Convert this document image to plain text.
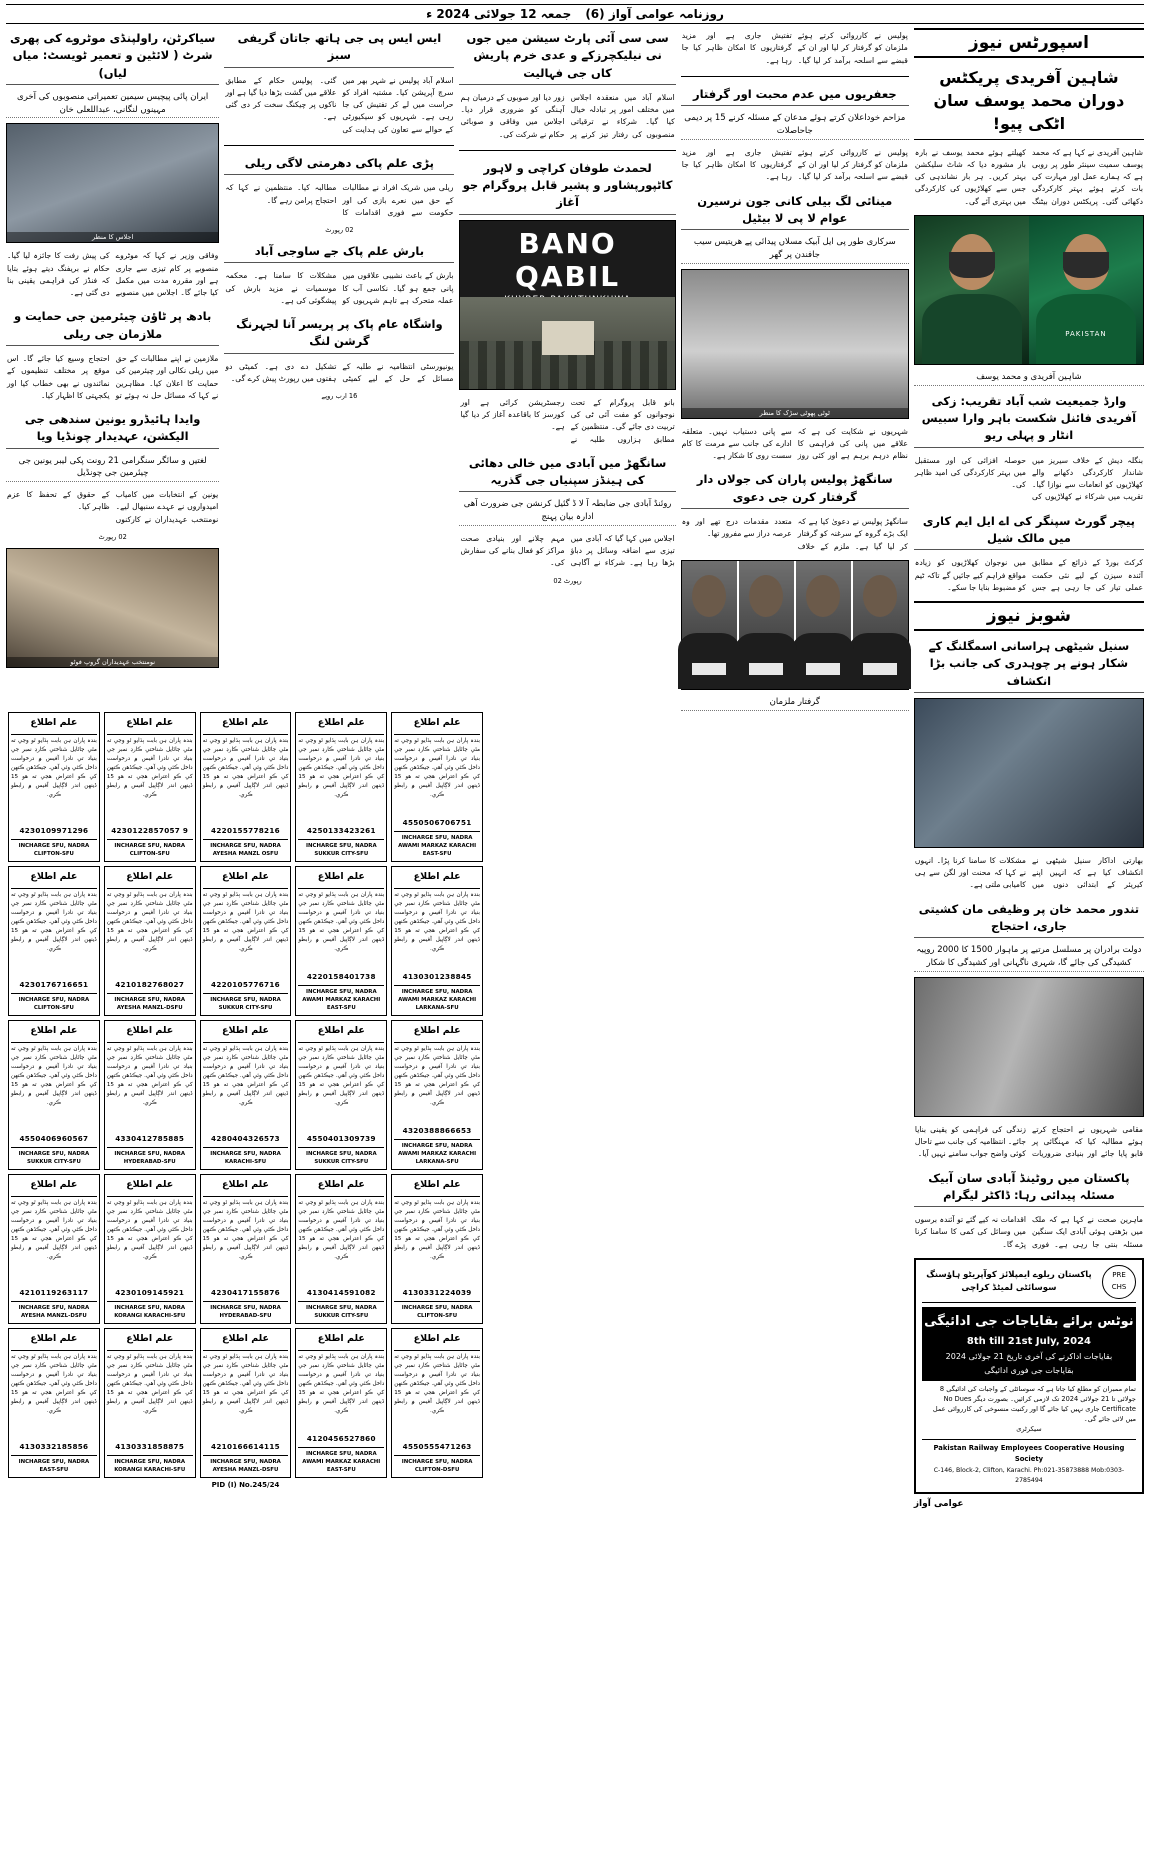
روزنامہ عوامی آواز (6)
جمعہ 12 جولائی 2024 ء
اسپورٹس نیوز
شاہین آفریدی پریکٹس دوران محمد یوسف سان اٹکی پیو!
شاہین آفریدی نے کہا ہے کہ محمد یوسف سمیت سینئر طور پر روبی ہے کہ ہمارے عمل اور مہارت کی بات کرتے ہوئے بہتر کارکردگی دکھائی گئی۔ پریکٹس دوران بیٹنگ کھیلتے ہوئے محمد یوسف نے بارہ بار مشورہ دیا کہ شاٹ سلیکشن بہتر کریں۔ ہر بار نشاندہی کی جس سے کھلاڑیوں کی کارکردگی میں بہتری آئے گی۔
PAKISTAN
شاہین آفریدی و محمد یوسف
وارڈ جمیعیت شب آباد تقریب: زکی آفریدی فائنل شکست باہر وارا سبیس انٹار و پہلی ریو
بنگلہ دیش کے خلاف سیریز میں شاندار کارکردگی دکھانے والے کھلاڑیوں کو انعامات سے نوازا گیا۔ تقریب میں شرکاء نے کھلاڑیوں کی حوصلہ افزائی کی اور مستقبل میں بہتر کارکردگی کی امید ظاہر کی۔
پیچر گورٹ سپنگر کی اے ایل ایم کاری میں مالک شیل
کرکٹ بورڈ کے ذرائع کے مطابق آئندہ سیزن کے لیے نئی حکمت عملی تیار کی جا رہی ہے جس میں نوجوان کھلاڑیوں کو زیادہ مواقع فراہم کیے جائیں گے تاکہ ٹیم کو مضبوط بنایا جا سکے۔
شوبز نیوز
سنیل شیٹھی ہراسانی اسمگلنگ کے شکار ہونے پر چوہدری کی جانب بڑا انکشاف
بھارتی اداکار سنیل شیٹھی نے انکشاف کیا ہے کہ انہیں اپنے کیریئر کے ابتدائی دنوں میں مشکلات کا سامنا کرنا پڑا۔ انہوں نے کہا کہ محنت اور لگن سے ہی کامیابی ملتی ہے۔
تندور محمد خان پر وظیفی مان کشیتی جاری، احتجاج
دولت برادران پر مسلسل مرتبے پر ماہوار 1500 کا 2000 روپیہ کشیدگی کی جائے گا، شہری ناگہانی اور کشیدگی کا شکار
مقامی شہریوں نے احتجاج کرتے ہوئے مطالبہ کیا کہ مہنگائی پر قابو پایا جائے اور بنیادی ضروریات زندگی کی فراہمی کو یقینی بنایا جائے۔ انتظامیہ کی جانب سے تاحال کوئی واضح جواب سامنے نہیں آیا۔
پاکستان میں روٹینڈ آبادی سان آبیک مسئلہ پیدائی رہا: ڈاکٹر لیگرام
ماہرین صحت نے کہا ہے کہ ملک میں بڑھتی ہوئی آبادی ایک سنگین مسئلہ بنتی جا رہی ہے۔ فوری اقدامات نہ کیے گئے تو آئندہ برسوں میں وسائل کی کمی کا سامنا کرنا پڑے گا۔
PRE
CHS
پاکستان ریلوے ایمپلائز کوآپریٹو ہاؤسنگ سوسائٹی لمیٹڈ کراچی
نوٹس برائے بقایاجات جی ادائیگی
8th till 21st July, 2024
بقایاجات اداکرنے کی آخری تاریخ 21 جولائی 2024
بقایاجات جی فوری ادائیگی
تمام ممبران کو مطلع کیا جاتا ہے کہ سوسائٹی کے واجبات کی ادائیگی 8 جولائی تا 21 جولائی 2024 تک لازمی کرائیں۔ بصورت دیگر No Dues Certificate جاری نہیں کیا جائے گا اور رکنیت منسوخی کی کارروائی عمل میں لائی جائے گی۔
سیکرٹری
Pakistan Railway Employees Cooperative Housing Society
C-146, Block-2, Clifton, Karachi. Ph:021-35873888 Mob:0303-2785494
عوامی آواز
پولیس نے کارروائی کرتے ہوئے ملزمان کو گرفتار کر لیا اور ان کے قبضے سے اسلحہ برآمد کر لیا گیا۔ تفتیش جاری ہے اور مزید گرفتاریوں کا امکان ظاہر کیا جا رہا ہے۔
جعفریوں میں عدم محبت اور گرفتار
مزاحم خوداعلان کرتے ہوئے مدعان کے مسئلہ کرنے 15 پر دیمی جاحاصلات
پولیس نے کارروائی کرتے ہوئے ملزمان کو گرفتار کر لیا اور ان کے قبضے سے اسلحہ برآمد کر لیا گیا۔ تفتیش جاری ہے اور مزید گرفتاریوں کا امکان ظاہر کیا جا رہا ہے۔
مینائی لگ بیلی کانی جون نرسیرن عوام لا پی لا بیٹیل
سرکاری طور پی ایل آبیک مسلاں پیدائی پے ھریتیس سیب جافندن پر گھر
ٹوٹی پھوٹی سڑک کا منظر
شہریوں نے شکایت کی ہے کہ علاقے میں پانی کی فراہمی کا نظام درہم برہم ہے اور کئی روز سے پانی دستیاب نہیں۔ متعلقہ ادارے کی جانب سے مرمت کا کام سست روی کا شکار ہے۔
سانگھڑ پولیس پاران کی جولاں دار گرفتار کرن جی دعوی
سانگھڑ پولیس نے دعویٰ کیا ہے کہ ایک بڑے گروہ کے سرغنہ کو گرفتار کر لیا گیا ہے۔ ملزم کے خلاف متعدد مقدمات درج تھے اور وہ عرصہ دراز سے مفرور تھا۔
گرفتار ملزمان
سی سی آئی پارٹ سیشن میں جوں نی نیلیکچرزکے و عدی خرم پاریش کاں جی فہالیت
اسلام آباد میں منعقدہ اجلاس میں مختلف امور پر تبادلہ خیال کیا گیا۔ شرکاء نے ترقیاتی منصوبوں کی رفتار تیز کرنے پر زور دیا اور صوبوں کے درمیان ہم آہنگی کو ضروری قرار دیا۔ اجلاس میں وفاقی و صوبائی حکام نے شرکت کی۔
لحمدث طوفان کراچی و لاہور کاٹپورپشاور و پشیر قابل پروگرام جو آغاز
BANO QABIL
بانو قابل پروگرام کے تحت نوجوانوں کو مفت آئی ٹی کی تربیت دی جائے گی۔ منتظمین کے مطابق ہزاروں طلبہ نے رجسٹریشن کرائی ہے اور کورسز کا باقاعدہ آغاز کر دیا گیا ہے۔
سانگھڑ میں آبادی میں خالی دھائی کی ہینڈز سپنیاں جی گذریہ
روئنڈ آبادی جی ضابطہ آ لا ڈ گئیل کرنشن جی ضرورت آھی ادارہ بیان پہنج
اجلاس میں کہا گیا کہ آبادی میں تیزی سے اضافہ وسائل پر دباؤ بڑھا رہا ہے۔ شرکاء نے آگاہی مہم چلانے اور بنیادی صحت مراکز کو فعال بنانے کی سفارش کی۔
رپورٹ 02
ایس ایس پی جی ہاتھ جاتان گریفی سبز
اسلام آباد پولیس نے شہر بھر میں سرچ آپریشن کیا۔ مشتبہ افراد کو حراست میں لے کر تفتیش کی جا رہی ہے۔ شہریوں کو سیکیورٹی کے حوالے سے تعاون کی ہدایت کی گئی۔ پولیس حکام کے مطابق علاقے میں گشت بڑھا دیا گیا ہے اور ناکوں پر چیکنگ سخت کر دی گئی ہے۔
پڑی علم پاکی دھرمتی لاگی ریلی
ریلی میں شریک افراد نے مطالبات کے حق میں نعرے بازی کی اور حکومت سے فوری اقدامات کا مطالبہ کیا۔ منتظمین نے کہا کہ احتجاج پرامن رہے گا۔
02 رپورٹ
بارش علم پاک جے ساوجی آباد
بارش کے باعث نشیبی علاقوں میں پانی جمع ہو گیا۔ نکاسی آب کا عملہ متحرک ہے تاہم شہریوں کو مشکلات کا سامنا ہے۔ محکمہ موسمیات نے مزید بارش کی پیشگوئی کی ہے۔
واشگاہ عام پاک پر پریسر آنا لجہرنگ گرشن لنگ
یونیورسٹی انتظامیہ نے طلبہ کے مسائل کے حل کے لیے کمیٹی تشکیل دے دی ہے۔ کمیٹی دو ہفتوں میں رپورٹ پیش کرے گی۔
16 ارب روپے
سیاکرٹن، راولپنڈی موٹروے کی پھری شرٹ ( لائٹین و تعمیر ٹویسٹ: میاں لیاں)
ایران پائی پیچیس سیمین تعمیراتی منصوبوں کی آخری مہینوں لنگانی، عبداللعلی خان
اجلاس کا منظر
وفاقی وزیر نے کہا کہ موٹروے منصوبے پر کام تیزی سے جاری ہے اور مقررہ مدت میں مکمل کیا جائے گا۔ اجلاس میں منصوبے کی پیش رفت کا جائزہ لیا گیا۔ حکام نے بریفنگ دیتے ہوئے بتایا کہ فنڈز کی فراہمی یقینی بنا دی گئی ہے۔
بادھ پر ٹاؤن چیئرمین جی حمایت و ملازمان جی ریلی
ملازمین نے اپنے مطالبات کے حق میں ریلی نکالی اور چیئرمین کی حمایت کا اعلان کیا۔ مظاہرین نے کہا کہ مسائل حل نہ ہوئے تو احتجاج وسیع کیا جائے گا۔ اس موقع پر مختلف تنظیموں کے نمائندوں نے بھی خطاب کیا اور یکجہتی کا اظہار کیا۔
وایدا ہائیڈرو یونین سندھی جی الیکشن، عہدیدار چونڈیا ویا
لغتیں و سائگر سنگرامی 21 رونت پکی لیبر یونین جی چیئرمین جی چونڈیل
یونین کے انتخابات میں کامیاب امیدواروں نے عہدے سنبھال لیے۔ نومنتخب عہدیداران نے کارکنوں کے حقوق کے تحفظ کا عزم ظاہر کیا۔
02 رپورٹ
نومنتخب عہدیداران گروپ فوٹو
علم اطلاع
بندہ پاران ہن بابت ٻڌایو ٿو وڃي ته مٿي ڄاڻايل شناختي ڪارڊ نمبر جي بنياد تي نادرا آفيس ۾ درخواست داخل ڪئي وئي آهي. جيڪڏهن ڪنهن کي ڪو اعتراض هجي ته هو 15 ڏينهن اندر لاڳاپيل آفيس ۾ رابطو ڪري.
4550506706751
INCHARGE SFU, NADRA AWAMI MARKAZ KARACHI EAST-SFU
علم اطلاع
بندہ پاران ہن بابت ٻڌایو ٿو وڃي ته مٿي ڄاڻايل شناختي ڪارڊ نمبر جي بنياد تي نادرا آفيس ۾ درخواست داخل ڪئي وئي آهي. جيڪڏهن ڪنهن کي ڪو اعتراض هجي ته هو 15 ڏينهن اندر لاڳاپيل آفيس ۾ رابطو ڪري.
4250133423261
INCHARGE SFU, NADRA SUKKUR CITY-SFU
علم اطلاع
بندہ پاران ہن بابت ٻڌایو ٿو وڃي ته مٿي ڄاڻايل شناختي ڪارڊ نمبر جي بنياد تي نادرا آفيس ۾ درخواست داخل ڪئي وئي آهي. جيڪڏهن ڪنهن کي ڪو اعتراض هجي ته هو 15 ڏينهن اندر لاڳاپيل آفيس ۾ رابطو ڪري.
4220155778216
INCHARGE SFU, NADRA AYESHA MANZL OSFU
علم اطلاع
بندہ پاران ہن بابت ٻڌایو ٿو وڃي ته مٿي ڄاڻايل شناختي ڪارڊ نمبر جي بنياد تي نادرا آفيس ۾ درخواست داخل ڪئي وئي آهي. جيڪڏهن ڪنهن کي ڪو اعتراض هجي ته هو 15 ڏينهن اندر لاڳاپيل آفيس ۾ رابطو ڪري.
4230122857057 9
INCHARGE SFU, NADRA CLIFTON-SFU
علم اطلاع
بندہ پاران ہن بابت ٻڌایو ٿو وڃي ته مٿي ڄاڻايل شناختي ڪارڊ نمبر جي بنياد تي نادرا آفيس ۾ درخواست داخل ڪئي وئي آهي. جيڪڏهن ڪنهن کي ڪو اعتراض هجي ته هو 15 ڏينهن اندر لاڳاپيل آفيس ۾ رابطو ڪري.
4230109971296
INCHARGE SFU, NADRA CLIFTON-SFU
علم اطلاع
بندہ پاران ہن بابت ٻڌایو ٿو وڃي ته مٿي ڄاڻايل شناختي ڪارڊ نمبر جي بنياد تي نادرا آفيس ۾ درخواست داخل ڪئي وئي آهي. جيڪڏهن ڪنهن کي ڪو اعتراض هجي ته هو 15 ڏينهن اندر لاڳاپيل آفيس ۾ رابطو ڪري.
4130301238845
INCHARGE SFU, NADRA AWAMI MARKAZ KARACHI LARKANA-SFU
علم اطلاع
بندہ پاران ہن بابت ٻڌایو ٿو وڃي ته مٿي ڄاڻايل شناختي ڪارڊ نمبر جي بنياد تي نادرا آفيس ۾ درخواست داخل ڪئي وئي آهي. جيڪڏهن ڪنهن کي ڪو اعتراض هجي ته هو 15 ڏينهن اندر لاڳاپيل آفيس ۾ رابطو ڪري.
4220158401738
INCHARGE SFU, NADRA AWAMI MARKAZ KARACHI EAST-SFU
علم اطلاع
بندہ پاران ہن بابت ٻڌایو ٿو وڃي ته مٿي ڄاڻايل شناختي ڪارڊ نمبر جي بنياد تي نادرا آفيس ۾ درخواست داخل ڪئي وئي آهي. جيڪڏهن ڪنهن کي ڪو اعتراض هجي ته هو 15 ڏينهن اندر لاڳاپيل آفيس ۾ رابطو ڪري.
4220105776716
INCHARGE SFU, NADRA SUKKUR CITY-SFU
علم اطلاع
بندہ پاران ہن بابت ٻڌایو ٿو وڃي ته مٿي ڄاڻايل شناختي ڪارڊ نمبر جي بنياد تي نادرا آفيس ۾ درخواست داخل ڪئي وئي آهي. جيڪڏهن ڪنهن کي ڪو اعتراض هجي ته هو 15 ڏينهن اندر لاڳاپيل آفيس ۾ رابطو ڪري.
4210182768027
INCHARGE SFU, NADRA AYESHA MANZL-DSFU
علم اطلاع
بندہ پاران ہن بابت ٻڌایو ٿو وڃي ته مٿي ڄاڻايل شناختي ڪارڊ نمبر جي بنياد تي نادرا آفيس ۾ درخواست داخل ڪئي وئي آهي. جيڪڏهن ڪنهن کي ڪو اعتراض هجي ته هو 15 ڏينهن اندر لاڳاپيل آفيس ۾ رابطو ڪري.
4230176716651
INCHARGE SFU, NADRA CLIFTON-SFU
علم اطلاع
بندہ پاران ہن بابت ٻڌایو ٿو وڃي ته مٿي ڄاڻايل شناختي ڪارڊ نمبر جي بنياد تي نادرا آفيس ۾ درخواست داخل ڪئي وئي آهي. جيڪڏهن ڪنهن کي ڪو اعتراض هجي ته هو 15 ڏينهن اندر لاڳاپيل آفيس ۾ رابطو ڪري.
4320388866653
INCHARGE SFU, NADRA AWAMI MARKAZ KARACHI LARKANA-SFU
علم اطلاع
بندہ پاران ہن بابت ٻڌایو ٿو وڃي ته مٿي ڄاڻايل شناختي ڪارڊ نمبر جي بنياد تي نادرا آفيس ۾ درخواست داخل ڪئي وئي آهي. جيڪڏهن ڪنهن کي ڪو اعتراض هجي ته هو 15 ڏينهن اندر لاڳاپيل آفيس ۾ رابطو ڪري.
4550401309739
INCHARGE SFU, NADRA SUKKUR CITY-SFU
علم اطلاع
بندہ پاران ہن بابت ٻڌایو ٿو وڃي ته مٿي ڄاڻايل شناختي ڪارڊ نمبر جي بنياد تي نادرا آفيس ۾ درخواست داخل ڪئي وئي آهي. جيڪڏهن ڪنهن کي ڪو اعتراض هجي ته هو 15 ڏينهن اندر لاڳاپيل آفيس ۾ رابطو ڪري.
4280404326573
INCHARGE SFU, NADRA KARACHI-SFU
علم اطلاع
بندہ پاران ہن بابت ٻڌایو ٿو وڃي ته مٿي ڄاڻايل شناختي ڪارڊ نمبر جي بنياد تي نادرا آفيس ۾ درخواست داخل ڪئي وئي آهي. جيڪڏهن ڪنهن کي ڪو اعتراض هجي ته هو 15 ڏينهن اندر لاڳاپيل آفيس ۾ رابطو ڪري.
4330412785885
INCHARGE SFU, NADRA HYDERABAD-SFU
علم اطلاع
بندہ پاران ہن بابت ٻڌایو ٿو وڃي ته مٿي ڄاڻايل شناختي ڪارڊ نمبر جي بنياد تي نادرا آفيس ۾ درخواست داخل ڪئي وئي آهي. جيڪڏهن ڪنهن کي ڪو اعتراض هجي ته هو 15 ڏينهن اندر لاڳاپيل آفيس ۾ رابطو ڪري.
4550406960567
INCHARGE SFU, NADRA SUKKUR CITY-SFU
علم اطلاع
بندہ پاران ہن بابت ٻڌایو ٿو وڃي ته مٿي ڄاڻايل شناختي ڪارڊ نمبر جي بنياد تي نادرا آفيس ۾ درخواست داخل ڪئي وئي آهي. جيڪڏهن ڪنهن کي ڪو اعتراض هجي ته هو 15 ڏينهن اندر لاڳاپيل آفيس ۾ رابطو ڪري.
4130331224039
INCHARGE SFU, NADRA CLIFTON-SFU
علم اطلاع
بندہ پاران ہن بابت ٻڌایو ٿو وڃي ته مٿي ڄاڻايل شناختي ڪارڊ نمبر جي بنياد تي نادرا آفيس ۾ درخواست داخل ڪئي وئي آهي. جيڪڏهن ڪنهن کي ڪو اعتراض هجي ته هو 15 ڏينهن اندر لاڳاپيل آفيس ۾ رابطو ڪري.
4130414591082
INCHARGE SFU, NADRA SUKKUR CITY-SFU
علم اطلاع
بندہ پاران ہن بابت ٻڌایو ٿو وڃي ته مٿي ڄاڻايل شناختي ڪارڊ نمبر جي بنياد تي نادرا آفيس ۾ درخواست داخل ڪئي وئي آهي. جيڪڏهن ڪنهن کي ڪو اعتراض هجي ته هو 15 ڏينهن اندر لاڳاپيل آفيس ۾ رابطو ڪري.
4230417155876
INCHARGE SFU, NADRA HYDERABAD-SFU
علم اطلاع
بندہ پاران ہن بابت ٻڌایو ٿو وڃي ته مٿي ڄاڻايل شناختي ڪارڊ نمبر جي بنياد تي نادرا آفيس ۾ درخواست داخل ڪئي وئي آهي. جيڪڏهن ڪنهن کي ڪو اعتراض هجي ته هو 15 ڏينهن اندر لاڳاپيل آفيس ۾ رابطو ڪري.
4230109145921
INCHARGE SFU, NADRA KORANGI KARACHI-SFU
علم اطلاع
بندہ پاران ہن بابت ٻڌایو ٿو وڃي ته مٿي ڄاڻايل شناختي ڪارڊ نمبر جي بنياد تي نادرا آفيس ۾ درخواست داخل ڪئي وئي آهي. جيڪڏهن ڪنهن کي ڪو اعتراض هجي ته هو 15 ڏينهن اندر لاڳاپيل آفيس ۾ رابطو ڪري.
4210119263117
INCHARGE SFU, NADRA AYESHA MANZL-DSFU
علم اطلاع
بندہ پاران ہن بابت ٻڌایو ٿو وڃي ته مٿي ڄاڻايل شناختي ڪارڊ نمبر جي بنياد تي نادرا آفيس ۾ درخواست داخل ڪئي وئي آهي. جيڪڏهن ڪنهن کي ڪو اعتراض هجي ته هو 15 ڏينهن اندر لاڳاپيل آفيس ۾ رابطو ڪري.
4550555471263
INCHARGE SFU, NADRA CLIFTON-DSFU
علم اطلاع
بندہ پاران ہن بابت ٻڌایو ٿو وڃي ته مٿي ڄاڻايل شناختي ڪارڊ نمبر جي بنياد تي نادرا آفيس ۾ درخواست داخل ڪئي وئي آهي. جيڪڏهن ڪنهن کي ڪو اعتراض هجي ته هو 15 ڏينهن اندر لاڳاپيل آفيس ۾ رابطو ڪري.
4120456527860
INCHARGE SFU, NADRA AWAMI MARKAZ KARACHI EAST-SFU
علم اطلاع
بندہ پاران ہن بابت ٻڌایو ٿو وڃي ته مٿي ڄاڻايل شناختي ڪارڊ نمبر جي بنياد تي نادرا آفيس ۾ درخواست داخل ڪئي وئي آهي. جيڪڏهن ڪنهن کي ڪو اعتراض هجي ته هو 15 ڏينهن اندر لاڳاپيل آفيس ۾ رابطو ڪري.
4210166614115
INCHARGE SFU, NADRA AYESHA MANZL-DSFU
علم اطلاع
بندہ پاران ہن بابت ٻڌایو ٿو وڃي ته مٿي ڄاڻايل شناختي ڪارڊ نمبر جي بنياد تي نادرا آفيس ۾ درخواست داخل ڪئي وئي آهي. جيڪڏهن ڪنهن کي ڪو اعتراض هجي ته هو 15 ڏينهن اندر لاڳاپيل آفيس ۾ رابطو ڪري.
4130331858875
INCHARGE SFU, NADRA KORANGI KARACHI-SFU
علم اطلاع
بندہ پاران ہن بابت ٻڌایو ٿو وڃي ته مٿي ڄاڻايل شناختي ڪارڊ نمبر جي بنياد تي نادرا آفيس ۾ درخواست داخل ڪئي وئي آهي. جيڪڏهن ڪنهن کي ڪو اعتراض هجي ته هو 15 ڏينهن اندر لاڳاپيل آفيس ۾ رابطو ڪري.
4130332185856
INCHARGE SFU, NADRA EAST-SFU
PID (I) No.245/24
